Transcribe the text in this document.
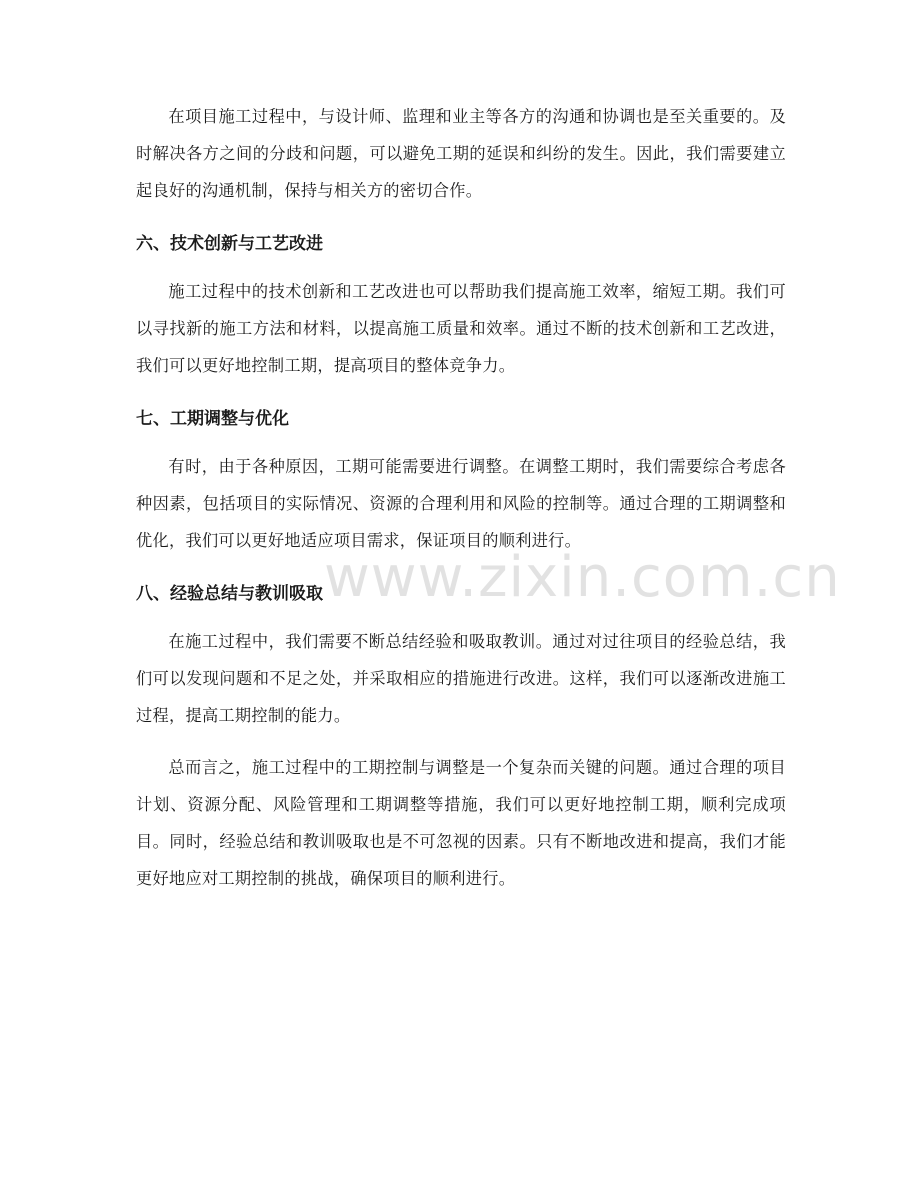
在项目施工过程中，与设计师、监理和业主等各方的沟通和协调也是至关重要的。及时解决各方之间的分歧和问题，可以避免工期的延误和纠纷的发生。因此，我们需要建立起良好的沟通机制，保持与相关方的密切合作。

六、技术创新与工艺改进

施工过程中的技术创新和工艺改进也可以帮助我们提高施工效率，缩短工期。我们可以寻找新的施工方法和材料，以提高施工质量和效率。通过不断的技术创新和工艺改进，我们可以更好地控制工期，提高项目的整体竞争力。

七、工期调整与优化

有时，由于各种原因，工期可能需要进行调整。在调整工期时，我们需要综合考虑各种因素，包括项目的实际情况、资源的合理利用和风险的控制等。通过合理的工期调整和优化，我们可以更好地适应项目需求，保证项目的顺利进行。

八、经验总结与教训吸取

在施工过程中，我们需要不断总结经验和吸取教训。通过对过往项目的经验总结，我们可以发现问题和不足之处，并采取相应的措施进行改进。这样，我们可以逐渐改进施工过程，提高工期控制的能力。

总而言之，施工过程中的工期控制与调整是一个复杂而关键的问题。通过合理的项目计划、资源分配、风险管理和工期调整等措施，我们可以更好地控制工期，顺利完成项目。同时，经验总结和教训吸取也是不可忽视的因素。只有不断地改进和提高，我们才能更好地应对工期控制的挑战，确保项目的顺利进行。

www.zixin.com.cn
